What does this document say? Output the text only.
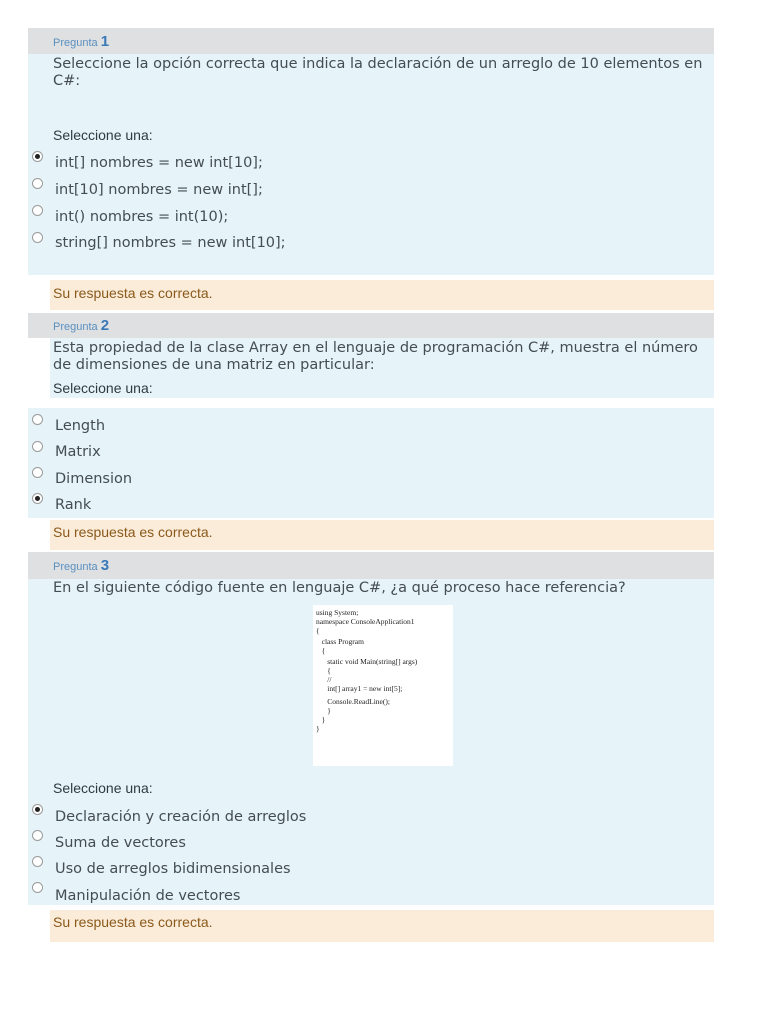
Pregunta 1
Seleccione la opción correcta que indica la declaración de un arreglo de 10 elementos en C#:
Seleccione una:
int[] nombres = new int[10];
int[10] nombres = new int[];
int() nombres = int(10);
string[] nombres = new int[10];
Su respuesta es correcta.
Pregunta 2
Esta propiedad de la clase Array en el lenguaje de programación C#, muestra el número de dimensiones de una matriz en particular:
Seleccione una:
Length
Matrix
Dimension
Rank
Su respuesta es correcta.
Pregunta 3
En el siguiente código fuente en lenguaje C#, ¿a qué proceso hace referencia?
using System;
namespace ConsoleApplication1
{
class Program
{
static void Main(string[] args)
{
//
int[] array1 = new int[5];
Console.ReadLine();
}
}
}
Seleccione una:
Declaración y creación de arreglos
Suma de vectores
Uso de arreglos bidimensionales
Manipulación de vectores
Su respuesta es correcta.
